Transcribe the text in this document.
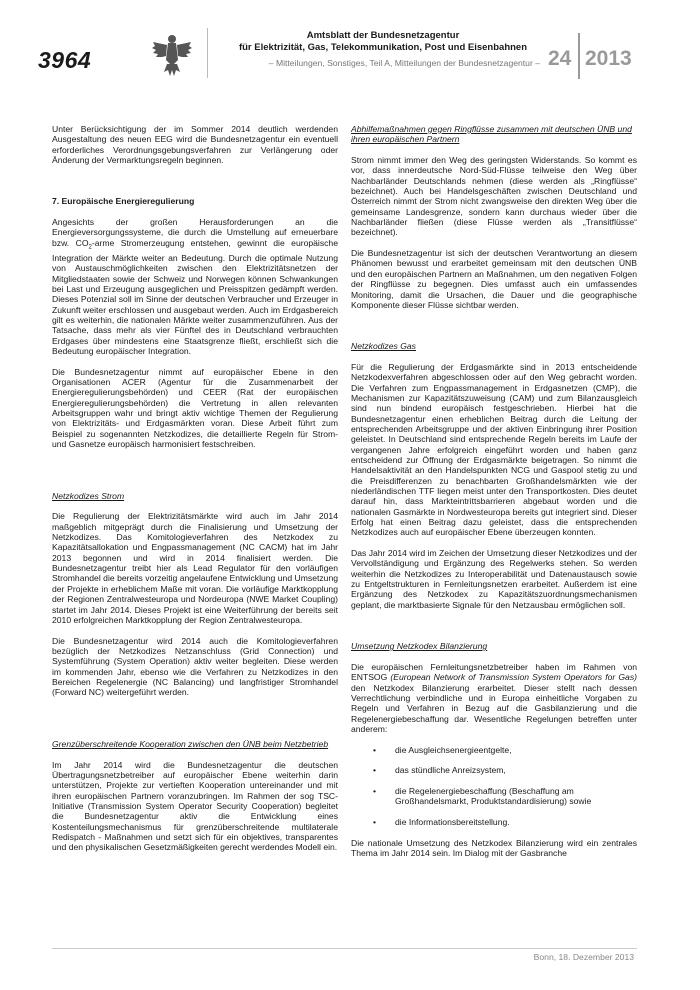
3964
Amtsblatt der Bundesnetzagentur
für Elektrizität, Gas, Telekommunikation, Post und Eisenbahnen
– Mitteilungen, Sonstiges, Teil A, Mitteilungen der Bundesnetzagentur – 24 2013

Unter Berücksichtigung der im Sommer 2014 deutlich werdenden Ausgestaltung des neuen EEG wird die Bundesnetzagentur ein eventuell erforderliches Verordnungsgebungsverfahren zur Verlängerung oder Änderung der Vermarktungsregeln beginnen.

7. Europäische Energieregulierung

Angesichts der großen Herausforderungen an die Energieversorgungssysteme, die durch die Umstellung auf erneuerbare bzw. $CO_2$-arme Stromerzeugung entstehen, gewinnt die europäische Integration der Märkte weiter an Bedeutung. Durch die optimale Nutzung von Austauschmöglichkeiten zwischen den Elektrizitätsnetzen der Mitgliedstaaten sowie der Schweiz und Norwegen können Schwankungen bei Last und Erzeugung ausgeglichen und Preisspitzen gedämpft werden. Dieses Potenzial soll im Sinne der deutschen Verbraucher und Erzeuger in Zukunft weiter erschlossen und ausgebaut werden. Auch im Erdgasbereich gilt es weiterhin, die nationalen Märkte weiter zusammenzuführen. Aus der Tatsache, dass mehr als vier Fünftel des in Deutschland verbrauchten Erdgases über mindestens eine Staatsgrenze fließt, erschließt sich die Bedeutung europäischer Integration.

Die Bundesnetzagentur nimmt auf europäischer Ebene in den Organisationen ACER (Agentur für die Zusammenarbeit der Energieregulierungsbehörden) und CEER (Rat der europäischen Energieregulierungsbehörden) die Vertretung in allen relevanten Arbeitsgruppen wahr und bringt aktiv wichtige Themen der Regulierung von Elektrizitäts- und Erdgasmärkten voran. Diese Arbeit führt zum Beispiel zu sogenannten Netzkodizes, die detaillierte Regeln für Strom- und Gasnetze europäisch harmonisiert festschreiben.

Netzkodizes Strom

Die Regulierung der Elektrizitätsmärkte wird auch im Jahr 2014 maßgeblich mitgeprägt durch die Finalisierung und Umsetzung der Netzkodizes. Das Komitologieverfahren des Netzkodex zu Kapazitätsallokation und Engpassmanagement (NC CACM) hat im Jahr 2013 begonnen und wird in 2014 finalisiert werden. Die Bundesnetzagentur treibt hier als Lead Regulator für den vorläufigen Stromhandel die bereits vorzeitig angelaufene Entwicklung und Umsetzung der Projekte in erheblichem Maße mit voran. Die vorläufige Marktkopplung der Regionen Zentralwesteuropa und Nordeuropa (NWE Market Coupling) startet im Jahr 2014. Dieses Projekt ist eine Weiterführung der bereits seit 2010 erfolgreichen Marktkopplung der Region Zentralwesteuropa.

Die Bundesnetzagentur wird 2014 auch die Komitologieverfahren bezüglich der Netzkodizes Netzanschluss (Grid Connection) und Systemführung (System Operation) aktiv weiter begleiten. Diese werden im kommenden Jahr, ebenso wie die Verfahren zu Netzkodizes in den Bereichen Regelenergie (NC Balancing) und langfristiger Stromhandel (Forward NC) weitergeführt werden.

Grenzüberschreitende Kooperation zwischen den ÜNB beim Netzbetrieb

Im Jahr 2014 wird die Bundesnetzagentur die deutschen Übertragungsnetzbetreiber auf europäischer Ebene weiterhin darin unterstützen, Projekte zur vertieften Kooperation untereinander und mit ihren europäischen Partnern voranzubringen. Im Rahmen der sog TSC-Initiative (Transmission System Operator Security Cooperation) begleitet die Bundesnetzagentur aktiv die Entwicklung eines Kostenteilungsmechanismus für grenzüberschreitende multilaterale Redispatch - Maßnahmen und setzt sich für ein objektives, transparentes und den physikalischen Gesetzmäßigkeiten gerecht werdendes Modell ein.

Abhilfemaßnahmen gegen Ringflüsse zusammen mit deutschen ÜNB und ihren europäischen Partnern

Strom nimmt immer den Weg des geringsten Widerstands. So kommt es vor, dass innerdeutsche Nord-Süd-Flüsse teilweise den Weg über Nachbarländer Deutschlands nehmen (diese werden als „Ringflüsse“ bezeichnet). Auch bei Handelsgeschäften zwischen Deutschland und Österreich nimmt der Strom nicht zwangsweise den direkten Weg über die gemeinsame Landesgrenze, sondern kann durchaus wieder über die Nachbarländer fließen (diese Flüsse werden als „Transitflüsse“ bezeichnet).

Die Bundesnetzagentur ist sich der deutschen Verantwortung an diesem Phänomen bewusst und erarbeitet gemeinsam mit den deutschen ÜNB und den europäischen Partnern an Maßnahmen, um den negativen Folgen der Ringflüsse zu begegnen. Dies umfasst auch ein umfassendes Monitoring, damit die Ursachen, die Dauer und die geographische Komponente dieser Flüsse sichtbar werden.

Netzkodizes Gas

Für die Regulierung der Erdgasmärkte sind in 2013 entscheidende Netzkodexverfahren abgeschlossen oder auf den Weg gebracht worden. Die Verfahren zum Engpassmanagement in Erdgasnetzen (CMP), die Mechanismen zur Kapazitätszuweisung (CAM) und zum Bilanzausgleich sind nun bindend europäisch festgeschrieben. Hierbei hat die Bundesnetzagentur einen erheblichen Beitrag durch die Leitung der entsprechenden Arbeitsgruppe und der aktiven Einbringung ihrer Position geleistet. In Deutschland sind entsprechende Regeln bereits im Laufe der vergangenen Jahre erfolgreich eingeführt worden und haben ganz entscheidend zur Öffnung der Erdgasmärkte beigetragen. So nimmt die Handelsaktivität an den Handelspunkten NCG und Gaspool stetig zu und die Preisdifferenzen zu benachbarten Großhandelsmärkten wie der niederländischen TTF liegen meist unter den Transportkosten. Dies deutet darauf hin, dass Markteintrittsbarrieren abgebaut worden und die nationalen Gasmärkte in Nordwesteuropa bereits gut integriert sind. Dieser Erfolg hat einen Beitrag dazu geleistet, dass die entsprechenden Netzkodizes auch auf europäischer Ebene überzeugen konnten.

Das Jahr 2014 wird im Zeichen der Umsetzung dieser Netzkodizes und der Vervollständigung und Ergänzung des Regelwerks stehen. So werden weiterhin die Netzkodizes zu Interoperabilität und Datenaustausch sowie zu Entgeltstrukturen in Fernleitungsnetzen erarbeitet. Außerdem ist eine Ergänzung des Netzkodex zu Kapazitätszuordnungsmechanismen geplant, die marktbasierte Signale für den Netzausbau ermöglichen soll.

Umsetzung Netzkodex Bilanzierung

Die europäischen Fernleitungsnetzbetreiber haben im Rahmen von ENTSOG (European Network of Transmission System Operators for Gas) den Netzkodex Bilanzierung erarbeitet. Dieser stellt nach dessen Verrechtlichung verbindliche und in Europa einheitliche Vorgaben zu Regeln und Verfahren in Bezug auf die Gasbilanzierung und die Regelenergiebeschaffung dar. Wesentliche Regelungen betreffen unter anderem:

• die Ausgleichsenergieentgelte,
• das stündliche Anreizsystem,
• die Regelenergiebeschaffung (Beschaffung am Großhandelsmarkt, Produktstandardisierung) sowie
• die Informationsbereitstellung.

Die nationale Umsetzung des Netzkodex Bilanzierung wird ein zentrales Thema im Jahr 2014 sein. Im Dialog mit der Gasbranche

Bonn, 18. Dezember 2013
